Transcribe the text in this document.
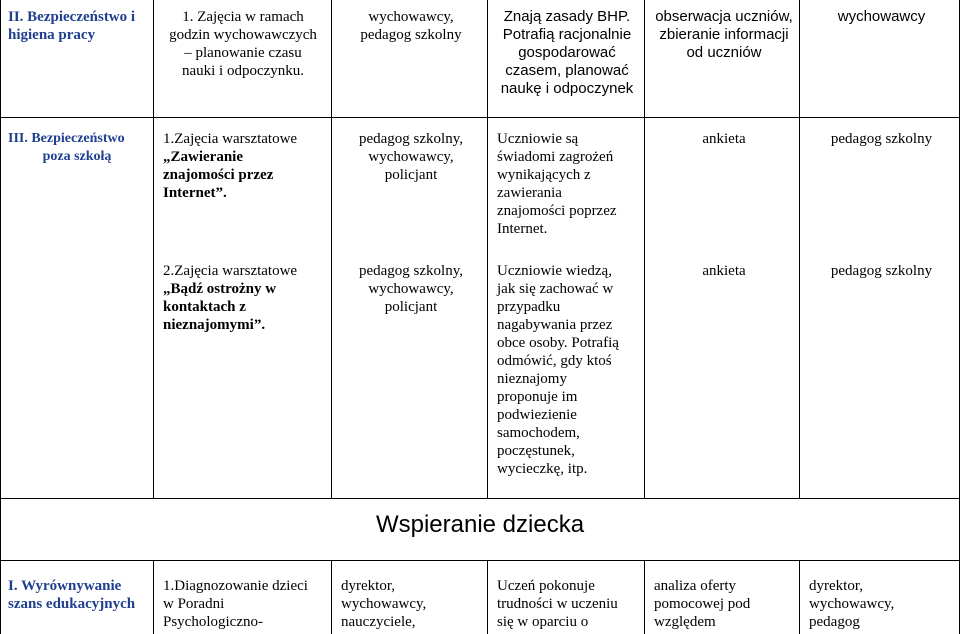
II. Bezpieczeństwo i
higiena pracy
1. Zajęcia w ramach
godzin wychowawczych
– planowanie czasu
nauki i odpoczynku.
wychowawcy,
pedagog szkolny
Znają zasady BHP.
Potrafią racjonalnie
gospodarować
czasem, planować
naukę i odpoczynek
obserwacja uczniów,
zbieranie informacji
od uczniów
wychowawcy
III. Bezpieczeństwo
poza szkołą
1.Zajęcia warsztatowe
„Zawieranie
znajomości przez
Internet”.
pedagog szkolny,
wychowawcy,
policjant
Uczniowie są
świadomi zagrożeń
wynikających z
zawierania
znajomości poprzez
Internet.
ankieta	pedagog szkolny
2.Zajęcia warsztatowe
„Bądź ostrożny w
kontaktach z
nieznajomymi”.
pedagog szkolny,
wychowawcy,
policjant
Uczniowie wiedzą,
jak się zachować w
przypadku
nagabywania przez
obce osoby. Potrafią
odmówić, gdy ktoś
nieznajomy
proponuje im
podwiezienie
samochodem,
poczęstunek,
wycieczkę, itp.
ankieta	pedagog szkolny
Wspieranie dziecka
I. Wyrównywanie
szans edukacyjnych
1.Diagnozowanie dzieci
w Poradni
Psychologiczno-
dyrektor,
wychowawcy,
nauczyciele,
Uczeń pokonuje
trudności w uczeniu
się w oparciu o
analiza oferty
pomocowej pod
względem
dyrektor,
wychowawcy,
pedagog
